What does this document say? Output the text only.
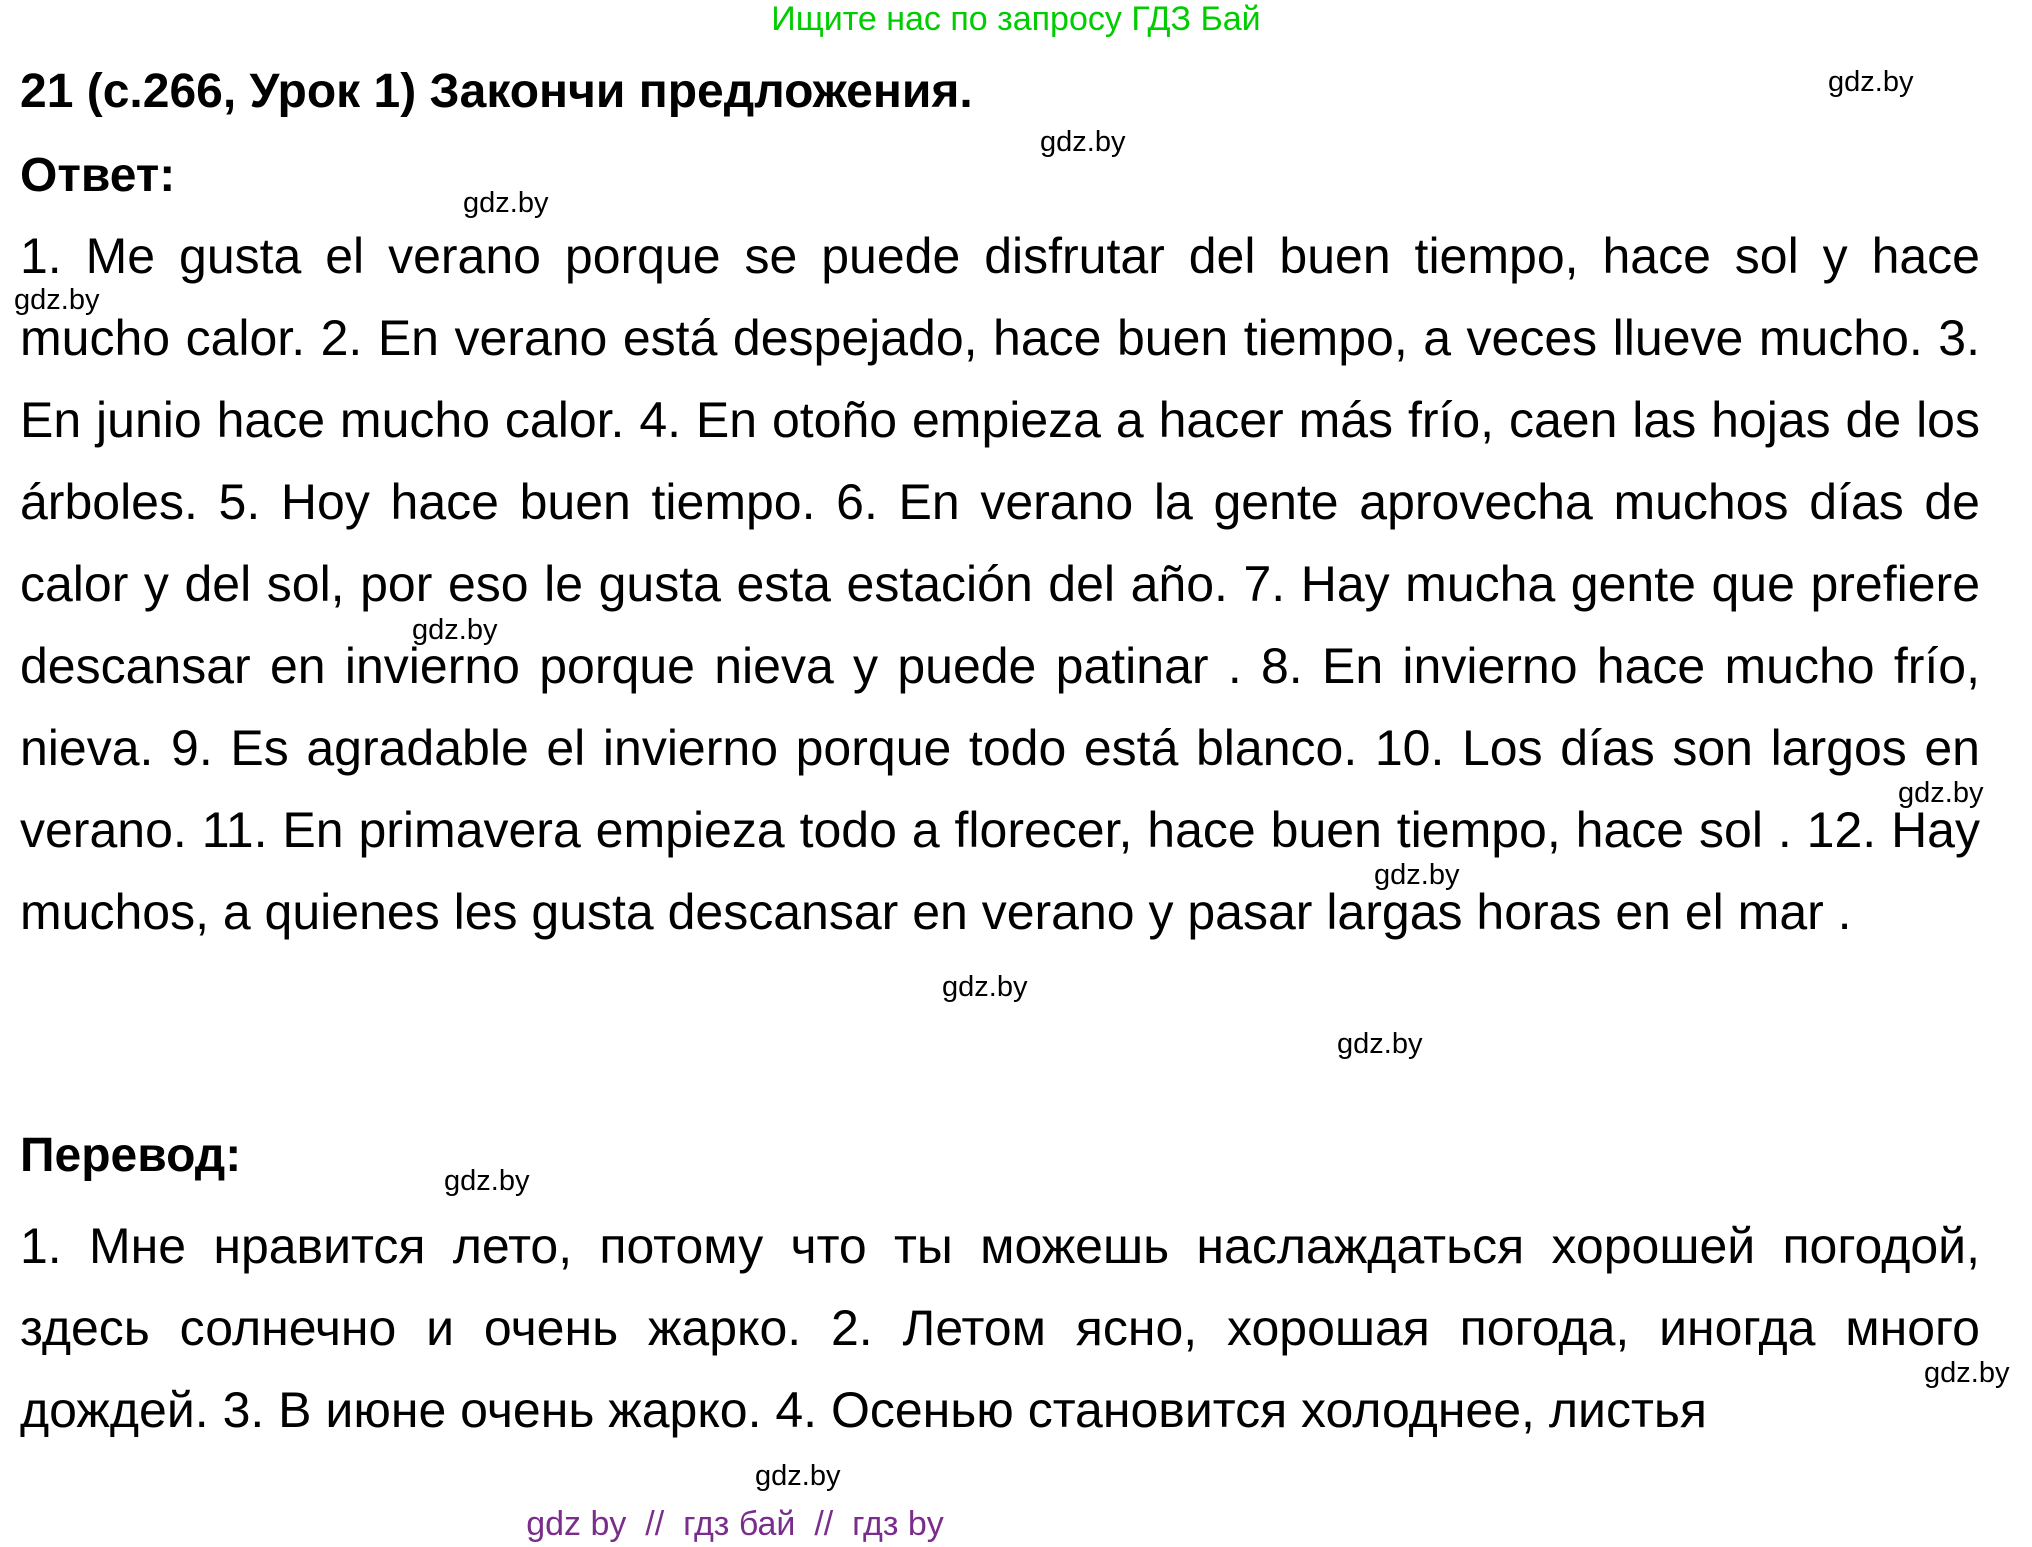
Ищите нас по запросу ГДЗ Бай
21 (с.266, Урок 1) Закончи предложения.
Ответ:

1. Me gusta el verano porque se puede disfrutar del buen tiempo, hace sol y hace mucho calor. 2. En verano está despejado, hace buen tiempo, a veces llueve mucho. 3. En junio hace mucho calor. 4. En otoño empieza a hacer más frío, caen las hojas de los árboles. 5. Hoy hace buen tiempo. 6. En verano la gente aprovecha muchos días de calor y del sol, por eso le gusta esta estación del año. 7. Hay mucha gente que prefiere descansar en invierno porque nieva y puede patinar . 8. En invierno hace mucho frío, nieva. 9. Es agradable el invierno porque todo está blanco. 10. Los días son largos en verano. 11. En primavera empieza todo a florecer, hace buen tiempo, hace sol . 12. Hay muchos, a quienes les gusta descansar en verano y pasar largas horas en el mar .

Перевод:

1. Мне нравится лето, потому что ты можешь наслаждаться хорошей погодой, здесь солнечно и очень жарко. 2. Летом ясно, хорошая погода, иногда много дождей. 3. В июне очень жарко. 4. Осенью становится холоднее, листья

gdz.by
gdz.by
gdz.by
gdz.by
gdz.by
gdz.by
gdz.by
gdz.by
gdz.by
gdz.by
gdz.by
gdz.by
gdz by  //  гдз бай  //  гдз by
